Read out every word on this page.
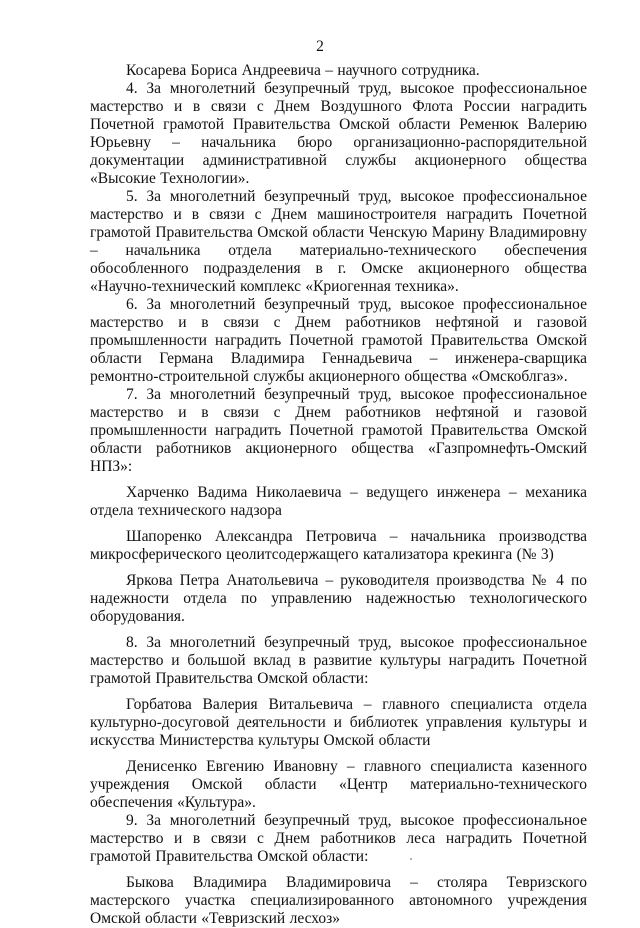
2

Косарева Бориса Андреевича – научного сотрудника.

4. За многолетний безупречный труд, высокое профессиональное мастерство и в связи с Днем Воздушного Флота России наградить Почетной грамотой Правительства Омской области Ременюк Валерию Юрьевну – начальника бюро организационно-распорядительной документации административной службы акционерного общества «Высокие Технологии».

5. За многолетний безупречный труд, высокое профессиональное мастерство и в связи с Днем машиностроителя наградить Почетной грамотой Правительства Омской области Ченскую Марину Владимировну – начальника отдела материально-технического обеспечения обособленного подразделения в г. Омске акционерного общества «Научно-технический комплекс «Криогенная техника».

6. За многолетний безупречный труд, высокое профессиональное мастерство и в связи с Днем работников нефтяной и газовой промышленности наградить Почетной грамотой Правительства Омской области Германа Владимира Геннадьевича – инженера-сварщика ремонтно-строительной службы акционерного общества «Омскоблгаз».

7. За многолетний безупречный труд, высокое профессиональное мастерство и в связи с Днем работников нефтяной и газовой промышленности наградить Почетной грамотой Правительства Омской области работников акционерного общества «Газпромнефть-Омский НПЗ»:

Харченко Вадима Николаевича – ведущего инженера – механика отдела технического надзора

Шапоренко Александра Петровича – начальника производства микросферического цеолитсодержащего катализатора крекинга (№ 3)

Яркова Петра Анатольевича – руководителя производства № 4 по надежности отдела по управлению надежностью технологического оборудования.

8. За многолетний безупречный труд, высокое профессиональное мастерство и большой вклад в развитие культуры наградить Почетной грамотой Правительства Омской области:

Горбатова Валерия Витальевича – главного специалиста отдела культурно-досуговой деятельности и библиотек управления культуры и искусства Министерства культуры Омской области

Денисенко Евгению Ивановну – главного специалиста казенного учреждения Омской области «Центр материально-технического обеспечения «Культура».

9. За многолетний безупречный труд, высокое профессиональное мастерство и в связи с Днем работников леса наградить Почетной грамотой Правительства Омской области:

Быкова Владимира Владимировича – столяра Тевризского мастерского участка специализированного автономного учреждения Омской области «Тевризский лесхоз»
